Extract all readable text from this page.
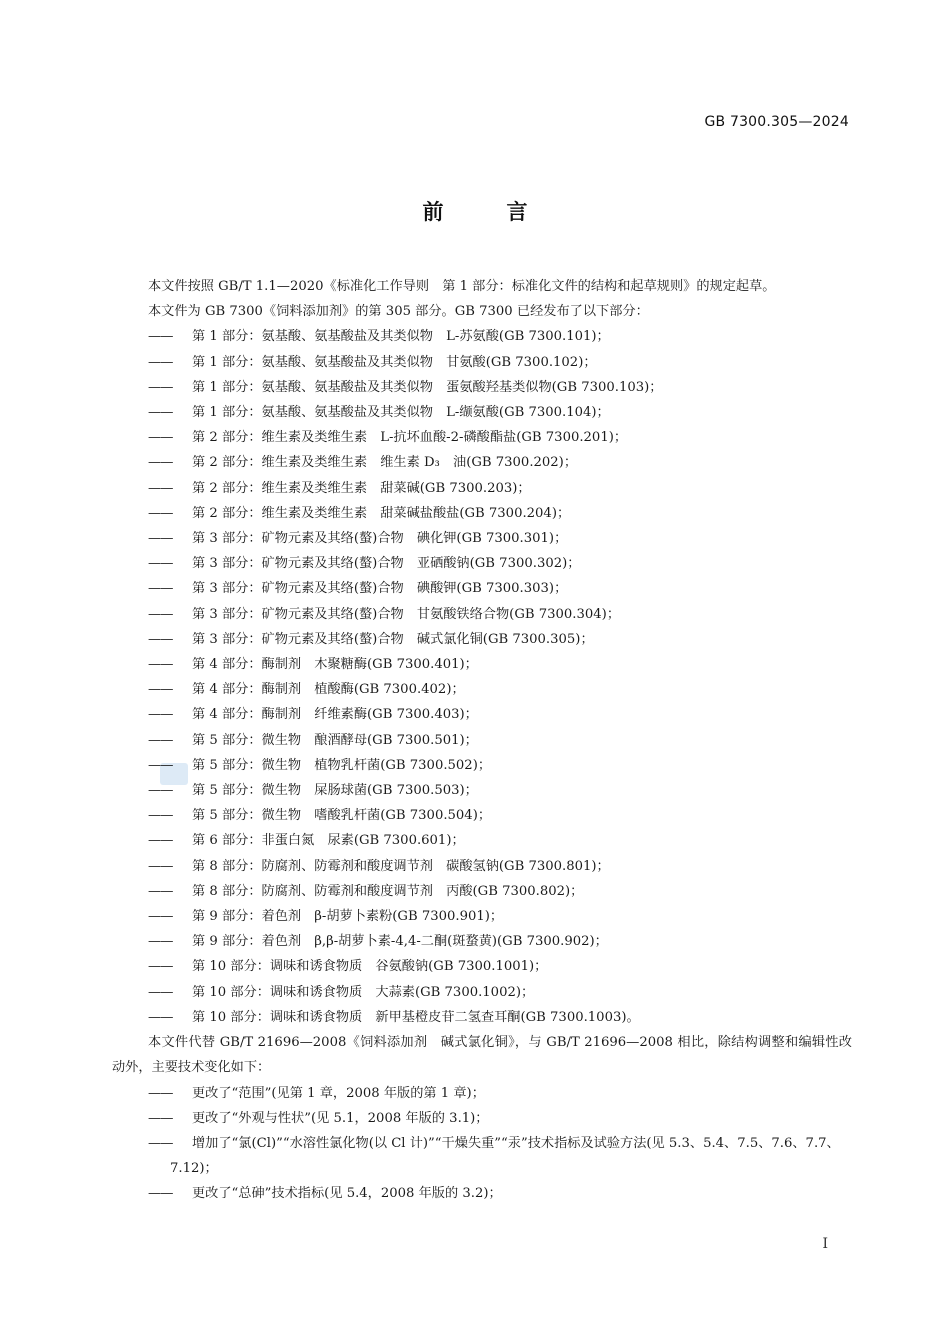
GB 7300.305—2024
前	言

本文件按照 GB/T 1.1—2020《标准化工作导则　第 1 部分：标准化文件的结构和起草规则》的规定起草。

本文件为 GB 7300《饲料添加剂》的第 305 部分。GB 7300 已经发布了以下部分：

—— 第 1 部分：氨基酸、氨基酸盐及其类似物　L-苏氨酸(GB 7300.101)；

—— 第 1 部分：氨基酸、氨基酸盐及其类似物　甘氨酸(GB 7300.102)；

—— 第 1 部分：氨基酸、氨基酸盐及其类似物　蛋氨酸羟基类似物(GB 7300.103)；

—— 第 1 部分：氨基酸、氨基酸盐及其类似物　L-缬氨酸(GB 7300.104)；

—— 第 2 部分：维生素及类维生素　L-抗坏血酸-2-磷酸酯盐(GB 7300.201)；

—— 第 2 部分：维生素及类维生素　维生素 D₃　油(GB 7300.202)；

—— 第 2 部分：维生素及类维生素　甜菜碱(GB 7300.203)；

—— 第 2 部分：维生素及类维生素　甜菜碱盐酸盐(GB 7300.204)；

—— 第 3 部分：矿物元素及其络(螯)合物　碘化钾(GB 7300.301)；

—— 第 3 部分：矿物元素及其络(螯)合物　亚硒酸钠(GB 7300.302)；

—— 第 3 部分：矿物元素及其络(螯)合物　碘酸钾(GB 7300.303)；

—— 第 3 部分：矿物元素及其络(螯)合物　甘氨酸铁络合物(GB 7300.304)；

—— 第 3 部分：矿物元素及其络(螯)合物　碱式氯化铜(GB 7300.305)；

—— 第 4 部分：酶制剂　木聚糖酶(GB 7300.401)；

—— 第 4 部分：酶制剂　植酸酶(GB 7300.402)；

—— 第 4 部分：酶制剂　纤维素酶(GB 7300.403)；

—— 第 5 部分：微生物　酿酒酵母(GB 7300.501)；

—— 第 5 部分：微生物　植物乳杆菌(GB 7300.502)；

—— 第 5 部分：微生物　屎肠球菌(GB 7300.503)；

—— 第 5 部分：微生物　嗜酸乳杆菌(GB 7300.504)；

—— 第 6 部分：非蛋白氮　尿素(GB 7300.601)；

—— 第 8 部分：防腐剂、防霉剂和酸度调节剂　碳酸氢钠(GB 7300.801)；

—— 第 8 部分：防腐剂、防霉剂和酸度调节剂　丙酸(GB 7300.802)；

—— 第 9 部分：着色剂　β-胡萝卜素粉(GB 7300.901)；

—— 第 9 部分：着色剂　β,β-胡萝卜素-4,4-二酮(斑蝥黄)(GB 7300.902)；

—— 第 10 部分：调味和诱食物质　谷氨酸钠(GB 7300.1001)；

—— 第 10 部分：调味和诱食物质　大蒜素(GB 7300.1002)；

—— 第 10 部分：调味和诱食物质　新甲基橙皮苷二氢查耳酮(GB 7300.1003)。

本文件代替 GB/T 21696—2008《饲料添加剂　碱式氯化铜》，与 GB/T 21696—2008 相比，除结构调整和编辑性改动外，主要技术变化如下：

—— 更改了“范围”(见第 1 章，2008 年版的第 1 章)；

—— 更改了“外观与性状”(见 5.1，2008 年版的 3.1)；

—— 增加了“氯(Cl)”“水溶性氯化物(以 Cl 计)”“干燥失重”“汞”技术指标及试验方法(见 5.3、5.4、7.5、7.6、7.7、7.12)；

—— 更改了“总砷”技术指标(见 5.4，2008 年版的 3.2)；

I
